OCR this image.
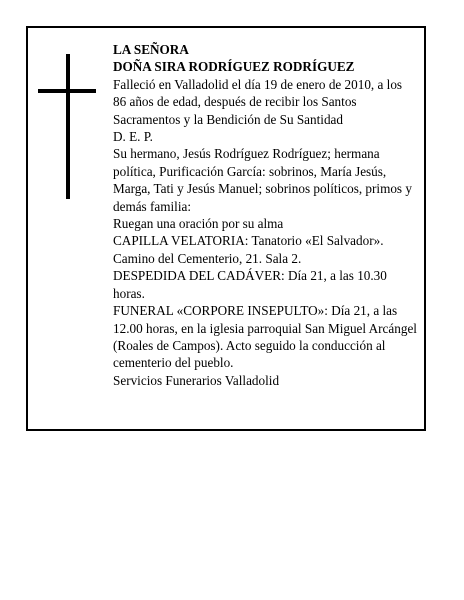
LA SEÑORA
DOÑA SIRA RODRÍGUEZ RODRÍGUEZ
Falleció en Valladolid el día 19 de enero de 2010, a los 86 años de edad, después de recibir los Santos Sacramentos y la Bendición de Su Santidad
D. E. P.
Su hermano, Jesús Rodríguez Rodríguez; hermana política, Purificación García: sobrinos, María Jesús, Marga, Tati y Jesús Manuel; sobrinos políticos, primos y demás familia:
Ruegan una oración por su alma
CAPILLA VELATORIA: Tanatorio «El Salvador». Camino del Cementerio, 21. Sala 2.
DESPEDIDA DEL CADÁVER: Día 21, a las 10.30 horas.
FUNERAL «CORPORE INSEPULTO»: Día 21, a las 12.00 horas, en la iglesia parroquial San Miguel Arcángel (Roales de Campos). Acto seguido la conducción al cementerio del pueblo.
Servicios Funerarios Valladolid
